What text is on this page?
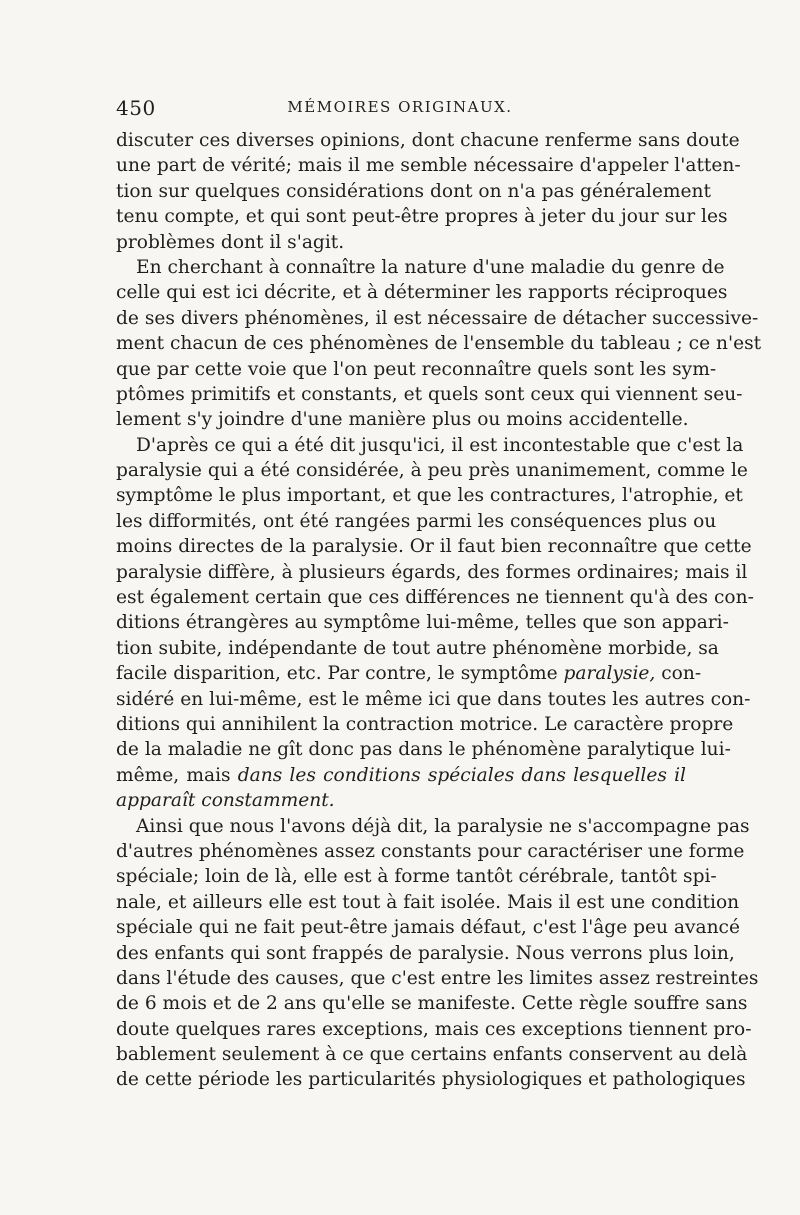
450	MÉMOIRES ORIGINAUX.
discuter ces diverses opinions, dont chacune renferme sans doute
une part de vérité; mais il me semble nécessaire d'appeler l'atten-
tion sur quelques considérations dont on n'a pas généralement
tenu compte, et qui sont peut-être propres à jeter du jour sur les
problèmes dont il s'agit.
En cherchant à connaître la nature d'une maladie du genre de
celle qui est ici décrite, et à déterminer les rapports réciproques
de ses divers phénomènes, il est nécessaire de détacher successive-
ment chacun de ces phénomènes de l'ensemble du tableau ; ce n'est
que par cette voie que l'on peut reconnaître quels sont les sym-
ptômes primitifs et constants, et quels sont ceux qui viennent seu-
lement s'y joindre d'une manière plus ou moins accidentelle.
D'après ce qui a été dit jusqu'ici, il est incontestable que c'est la
paralysie qui a été considérée, à peu près unanimement, comme le
symptôme le plus important, et que les contractures, l'atrophie, et
les difformités, ont été rangées parmi les conséquences plus ou
moins directes de la paralysie. Or il faut bien reconnaître que cette
paralysie diffère, à plusieurs égards, des formes ordinaires; mais il
est également certain que ces différences ne tiennent qu'à des con-
ditions étrangères au symptôme lui-même, telles que son appari-
tion subite, indépendante de tout autre phénomène morbide, sa
facile disparition, etc. Par contre, le symptôme paralysie, con-
sidéré en lui-même, est le même ici que dans toutes les autres con-
ditions qui annihilent la contraction motrice. Le caractère propre
de la maladie ne gît donc pas dans le phénomène paralytique lui-
même, mais dans les conditions spéciales dans lesquelles il
apparaît constamment.
Ainsi que nous l'avons déjà dit, la paralysie ne s'accompagne pas
d'autres phénomènes assez constants pour caractériser une forme
spéciale; loin de là, elle est à forme tantôt cérébrale, tantôt spi-
nale, et ailleurs elle est tout à fait isolée. Mais il est une condition
spéciale qui ne fait peut-être jamais défaut, c'est l'âge peu avancé
des enfants qui sont frappés de paralysie. Nous verrons plus loin,
dans l'étude des causes, que c'est entre les limites assez restreintes
de 6 mois et de 2 ans qu'elle se manifeste. Cette règle souffre sans
doute quelques rares exceptions, mais ces exceptions tiennent pro-
bablement seulement à ce que certains enfants conservent au delà
de cette période les particularités physiologiques et pathologiques
